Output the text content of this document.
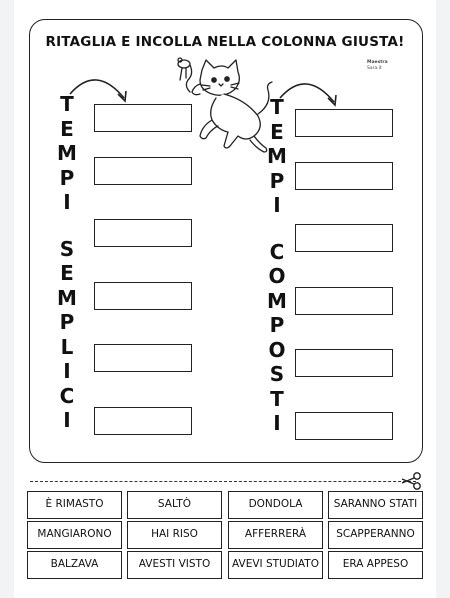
RITAGLIA E INCOLLA NELLA COLONNA GIUSTA!
Maestra
Sara.it
T
E
M
P
I
S
E
M
P
L
I
C
I
T
E
M
P
I
C
O
M
P
O
S
T
I
È RIMASTO	SALTÒ	DONDOLA	SARANNO STATI
MANGIARONO	HAI RISO	AFFERRERÀ	SCAPPERANNO
BALZAVA	AVESTI VISTO	AVEVI STUDIATO	ERA APPESO
